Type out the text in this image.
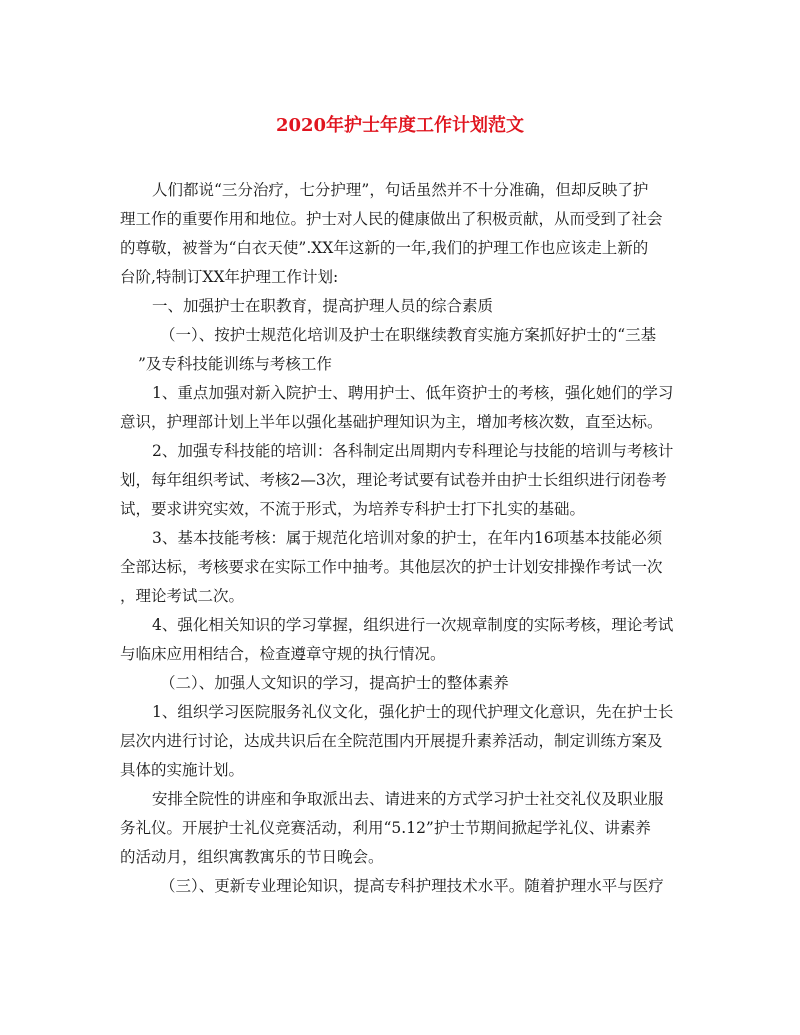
2020年护士年度工作计划范文

人们都说“三分治疗，七分护理”，句话虽然并不十分准确，但却反映了护
理工作的重要作用和地位。护士对人民的健康做出了积极贡献，从而受到了社会
的尊敬，被誉为“白衣天使”.XX年这新的一年,我们的护理工作也应该走上新的
台阶,特制订XX年护理工作计划:

一、加强护士在职教育，提高护理人员的综合素质

（一）、按护士规范化培训及护士在职继续教育实施方案抓好护士的“三基
”及专科技能训练与考核工作

1、重点加强对新入院护士、聘用护士、低年资护士的考核，强化她们的学习
意识，护理部计划上半年以强化基础护理知识为主，增加考核次数，直至达标。

2、加强专科技能的培训：各科制定出周期内专科理论与技能的培训与考核计
划，每年组织考试、考核2—3次，理论考试要有试卷并由护士长组织进行闭卷考
试，要求讲究实效，不流于形式，为培养专科护士打下扎实的基础。

3、基本技能考核：属于规范化培训对象的护士，在年内16项基本技能必须
全部达标，考核要求在实际工作中抽考。其他层次的护士计划安排操作考试一次
，理论考试二次。

4、强化相关知识的学习掌握，组织进行一次规章制度的实际考核，理论考试
与临床应用相结合，检查遵章守规的执行情况。

（二）、加强人文知识的学习，提高护士的整体素养

1、组织学习医院服务礼仪文化，强化护士的现代护理文化意识，先在护士长
层次内进行讨论，达成共识后在全院范围内开展提升素养活动，制定训练方案及
具体的实施计划。

安排全院性的讲座和争取派出去、请进来的方式学习护士社交礼仪及职业服
务礼仪。开展护士礼仪竞赛活动，利用“5.12”护士节期间掀起学礼仪、讲素养
的活动月，组织寓教寓乐的节日晚会。

（三）、更新专业理论知识，提高专科护理技术水平。随着护理水平与医疗
